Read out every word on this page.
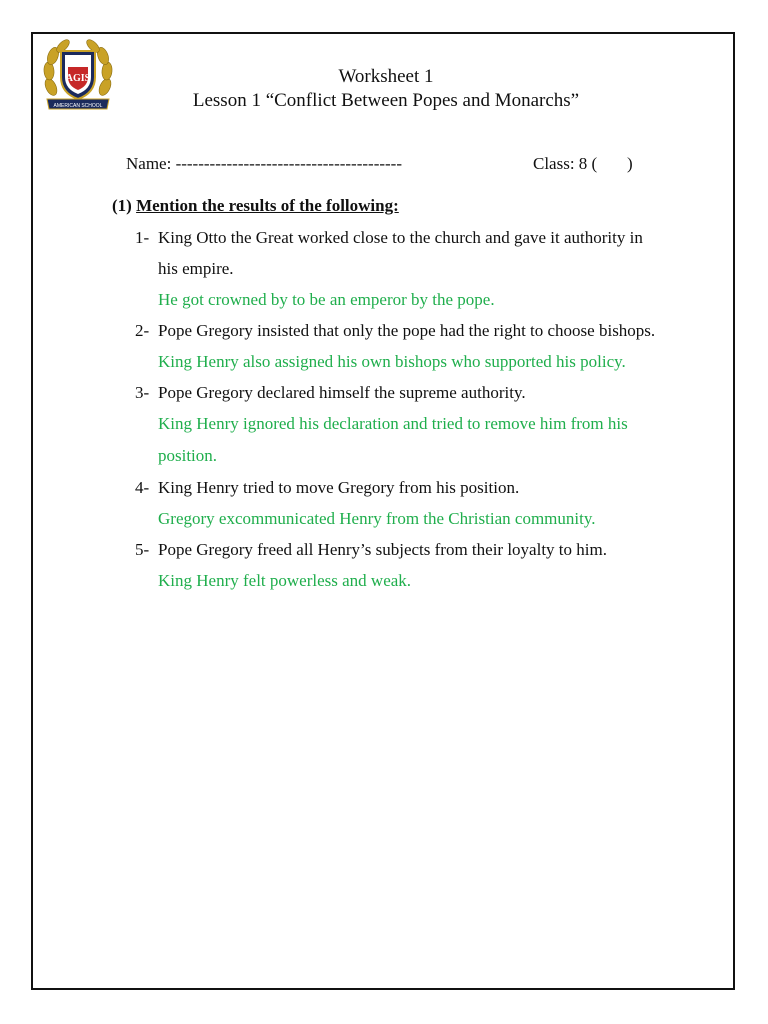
AGIS
AMERICAN SCHOOL
Worksheet 1
Lesson 1 “Conflict Between Popes and Monarchs”
Name: ----------------------------------------	Class: 8 (       )
(1) Mention the results of the following:
1- King Otto the Great worked close to the church and gave it authority in
his empire.
He got crowned by to be an emperor by the pope.
2- Pope Gregory insisted that only the pope had the right to choose bishops.
King Henry also assigned his own bishops who supported his policy.
3- Pope Gregory declared himself the supreme authority.
King Henry ignored his declaration and tried to remove him from his
position.
4- King Henry tried to move Gregory from his position.
Gregory excommunicated Henry from the Christian community.
5- Pope Gregory freed all Henry’s subjects from their loyalty to him.
King Henry felt powerless and weak.
